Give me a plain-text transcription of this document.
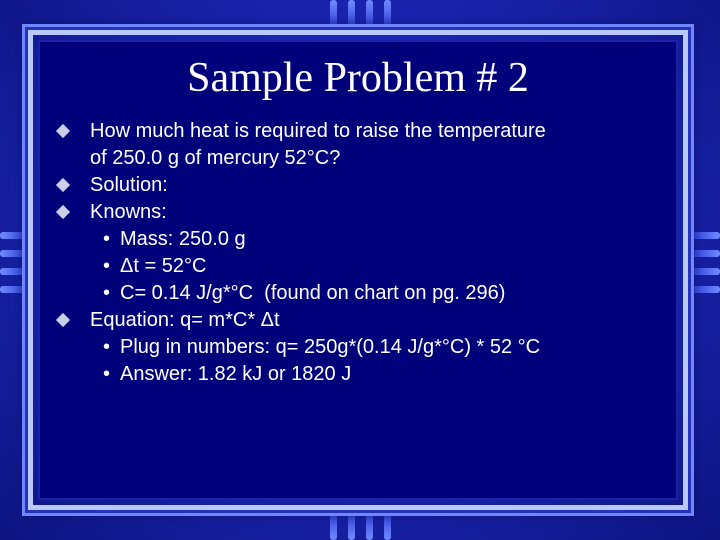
Sample Problem # 2
How much heat is required to raise the temperature
of 250.0 g of mercury 52°C?
Solution:
Knowns:
• Mass: 250.0 g
• Δt = 52°C
• C= 0.14 J/g*°C  (found on chart on pg. 296)
Equation: q= m*C* Δt
• Plug in numbers: q= 250g*(0.14 J/g*°C) * 52 °C
• Answer: 1.82 kJ or 1820 J
